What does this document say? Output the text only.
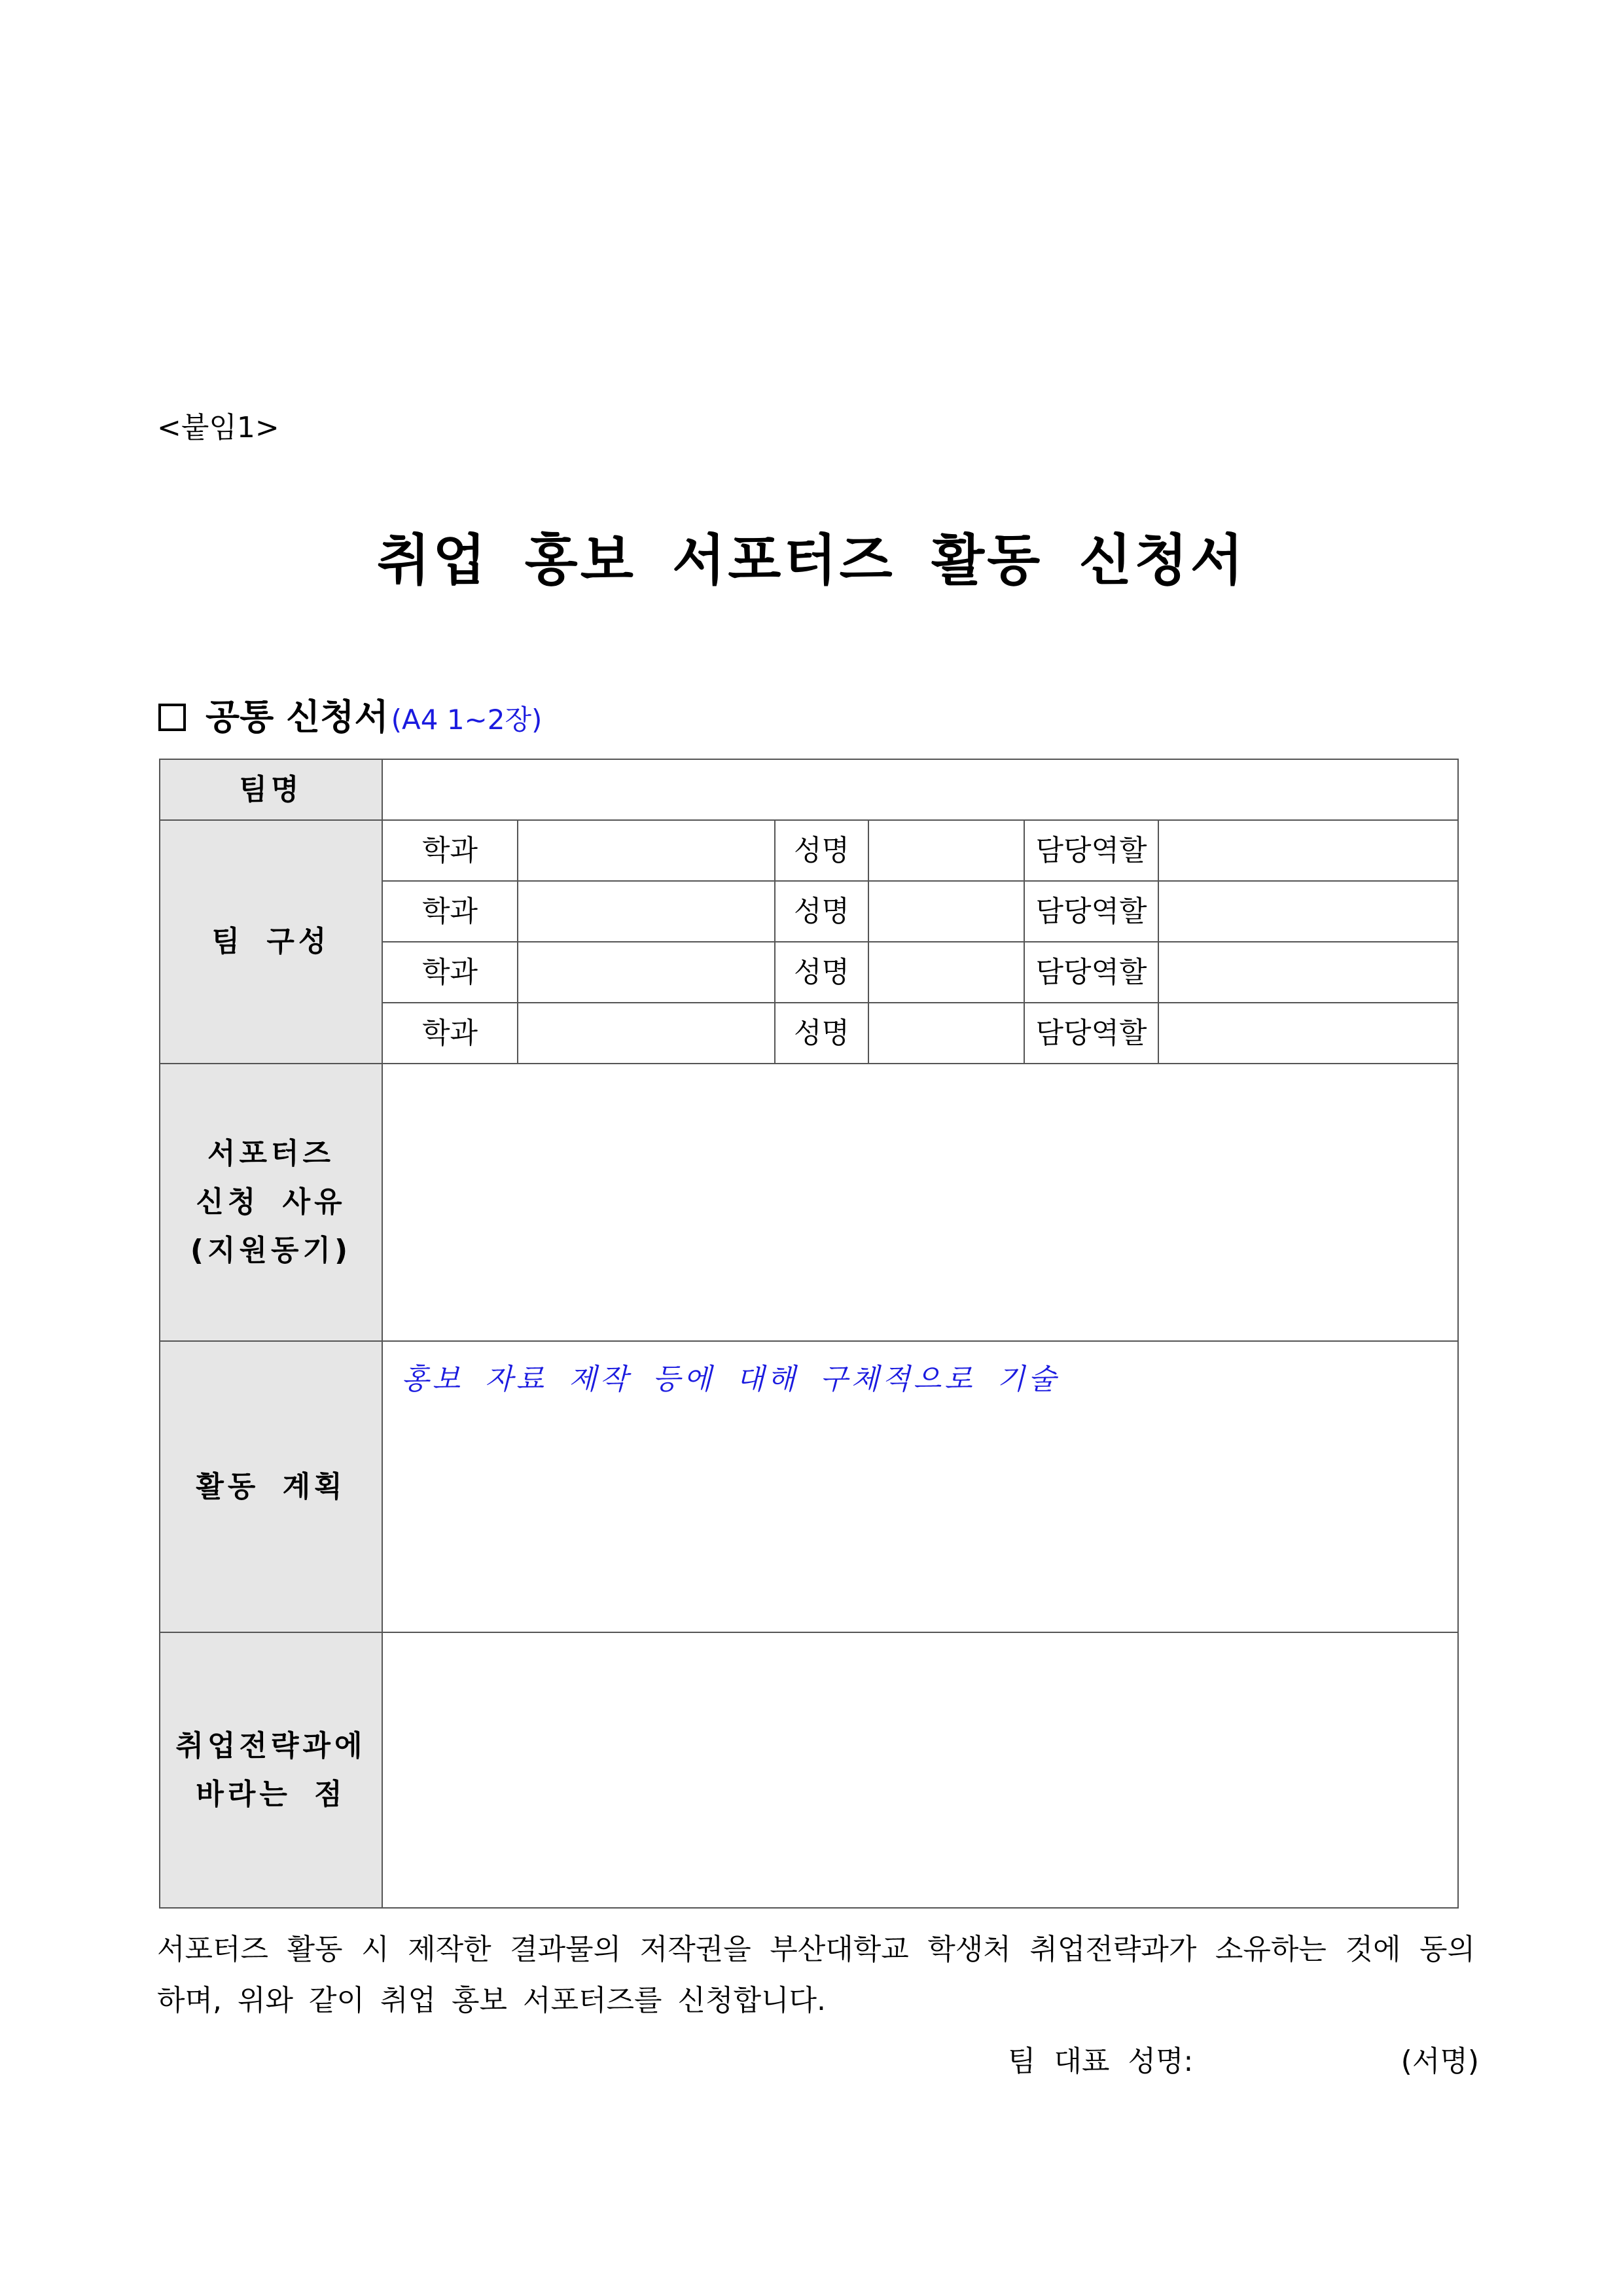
<붙임1>
취업 홍보 서포터즈 활동 신청서
공통 신청서 (A4 1~2장)
팀명						
팀 구성	학과		성명		담당역할	
	학과		성명		담당역할	
	학과		성명		담당역할	
	학과		성명		담당역할	

서포터즈
신청 사유
(지원동기)						

활동 계획	홍보 자료 제작 등에 대해 구체적으로 기술					

취업전략과에
바라는 점						

서포터즈 활동 시 제작한 결과물의 저작권을 부산대학교 학생처 취업전략과가 소유하는 것에 동의
하며, 위와 같이 취업 홍보 서포터즈를 신청합니다.
팀 대표 성명:	(서명)
